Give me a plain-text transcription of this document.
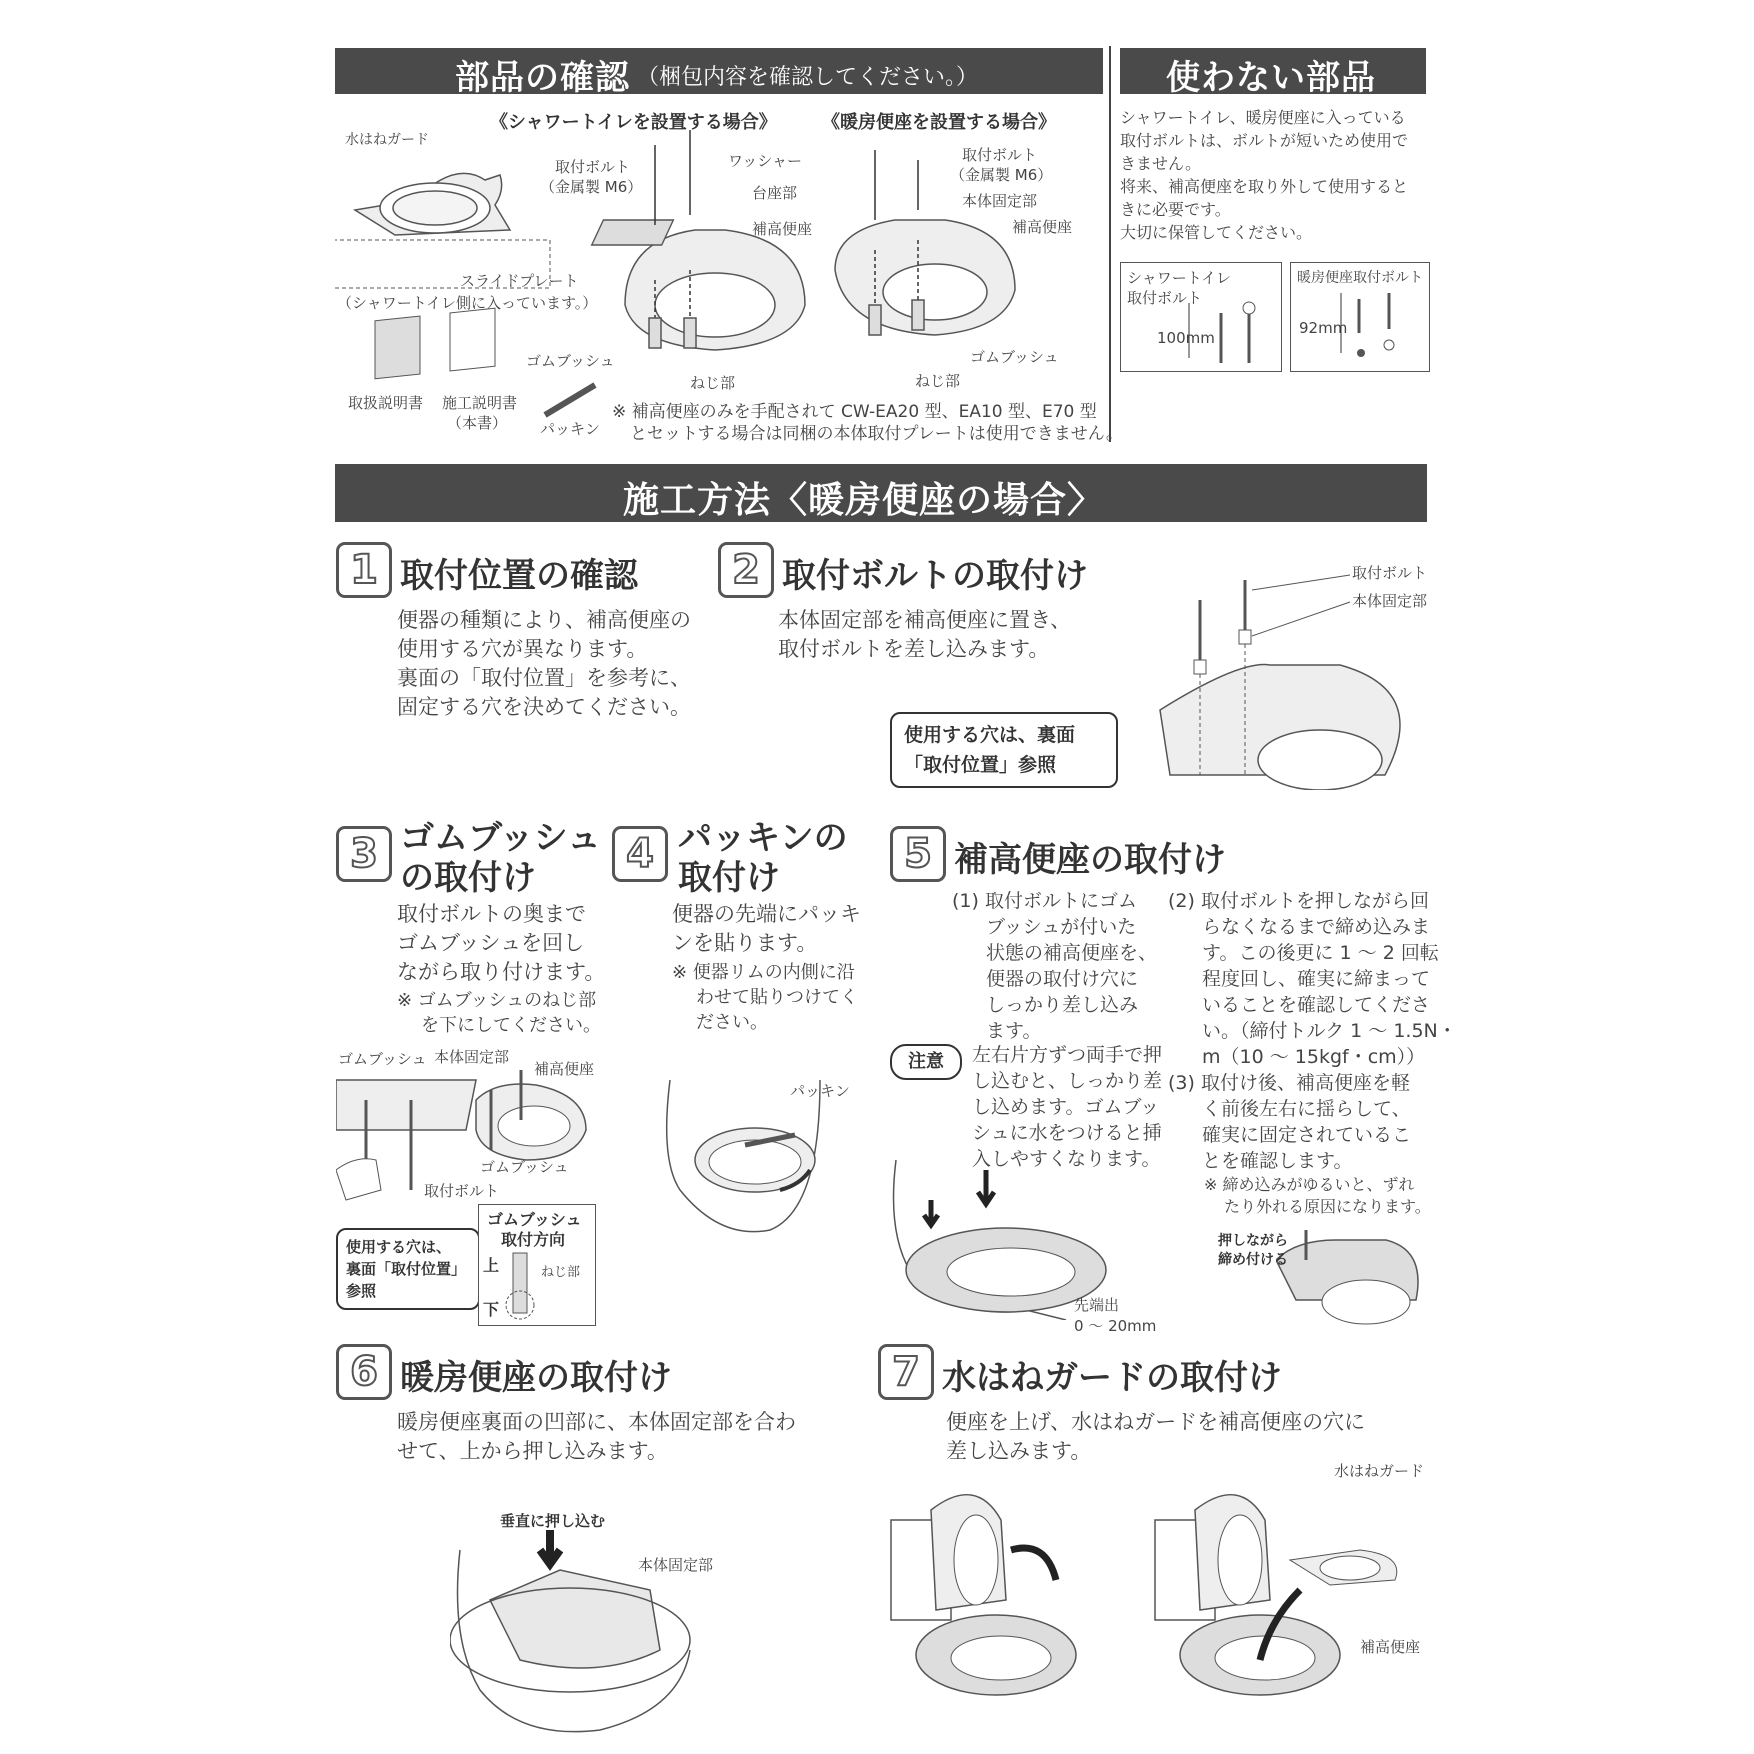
部品の確認 （梱包内容を確認してください。）	使わない部品
《シャワートイレを設置する場合》	《暖房便座を設置する場合》
水はねガード
取付ボルト
（金属製 M6）
ワッシャー
台座部
補高便座
スライドプレート
（シャワートイレ側に入っています。）
ゴムブッシュ
ねじ部
取付ボルト
（金属製 M6）
本体固定部
補高便座
ゴムブッシュ
ねじ部
取扱説明書 施工説明書
（本書） パッキン
※ 補高便座のみを手配されて CW-EA20 型、EA10 型、E70 型
とセットする場合は同梱の本体取付プレートは使用できません。
シャワートイレ、暖房便座に入っている
取付ボルトは、ボルトが短いため使用で
きません。
将来、補高便座を取り外して使用すると
きに必要です。
大切に保管してください。
シャワートイレ
取付ボルト
100mm
暖房便座取付ボルト
92mm
施工方法〈暖房便座の場合〉
1 取付位置の確認
便器の種類により、補高便座の
使用する穴が異なります。
裏面の「取付位置」を参考に、
固定する穴を決めてください。
2 取付ボルトの取付け
本体固定部を補高便座に置き、
取付ボルトを差し込みます。
取付ボルト
本体固定部
使用する穴は、裏面
「取付位置」参照
3 ゴムブッシュ
の取付け
取付ボルトの奥まで
ゴムブッシュを回し
ながら取り付けます。
※ ゴムブッシュのねじ部
を下にしてください。
ゴムブッシュ 本体固定部
補高便座
ゴムブッシュ
取付ボルト
使用する穴は、
裏面「取付位置」
参照
ゴムブッシュ
取付方向
上
下
ねじ部
4 パッキンの
取付け
便器の先端にパッキ
ンを貼ります。
※ 便器リムの内側に沿
わせて貼りつけてく
ださい。
パッキン
5 補高便座の取付け
(1) 取付ボルトにゴム
ブッシュが付いた
状態の補高便座を、
便器の取付け穴に
しっかり差し込み
ます。
注意	左右片方ずつ両手で押
し込むと、しっかり差
し込めます。ゴムブッ
シュに水をつけると挿
入しやすくなります。
(2) 取付ボルトを押しながら回
らなくなるまで締め込みま
す。この後更に 1 ～ 2 回転
程度回し、確実に締まって
いることを確認してくださ
い。（締付トルク 1 ～ 1.5N・
m（10 ～ 15kgf・cm））
(3) 取付け後、補高便座を軽
く前後左右に揺らして、
確実に固定されているこ
とを確認します。
※ 締め込みがゆるいと、ずれ
たり外れる原因になります。
先端出
0 ～ 20mm
押しながら
締め付ける
6 暖房便座の取付け
暖房便座裏面の凹部に、本体固定部を合わ
せて、上から押し込みます。
垂直に押し込む
本体固定部
7 水はねガードの取付け
便座を上げ、水はねガードを補高便座の穴に
差し込みます。
水はねガード
補高便座
